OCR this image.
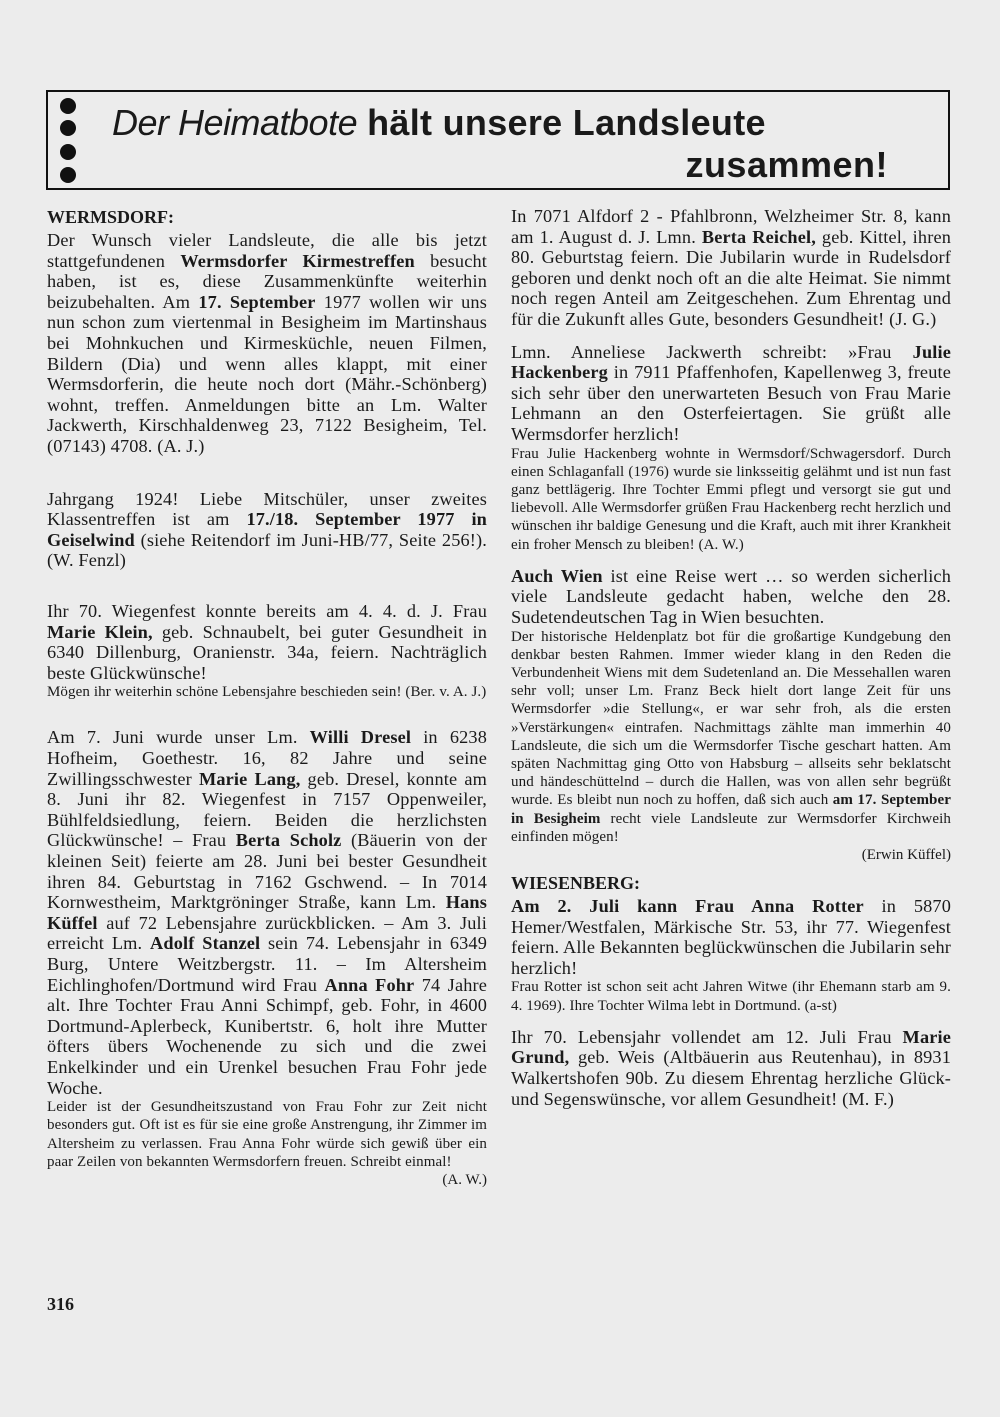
Der Heimatbote hält unsere Landsleute
zusammen!
WERMSDORF:

Der Wunsch vieler Landsleute, die alle bis jetzt stattgefundenen Wermsdorfer Kirmestreffen besucht haben, ist es, diese Zusammenkünfte weiterhin beizubehalten. Am 17. September 1977 wollen wir uns nun schon zum viertenmal in Besigheim im Martinshaus bei Mohnkuchen und Kirmesküchle, neuen Filmen, Bildern (Dia) und wenn alles klappt, mit einer Wermsdorferin, die heute noch dort (Mähr.-Schönberg) wohnt, treffen. Anmeldungen bitte an Lm. Walter Jackwerth, Kirschhaldenweg 23, 7122 Besigheim, Tel. (07143) 4708. (A. J.)

Jahrgang 1924! Liebe Mitschüler, unser zweites Klassentreffen ist am 17./18. September 1977 in Geiselwind (siehe Reitendorf im Juni-HB/77, Seite 256!). (W. Fenzl)

Ihr 70. Wiegenfest konnte bereits am 4. 4. d. J. Frau Marie Klein, geb. Schnaubelt, bei guter Gesundheit in 6340 Dillenburg, Oranienstr. 34a, feiern. Nachträglich beste Glückwünsche!

Mögen ihr weiterhin schöne Lebensjahre beschieden sein! (Ber. v. A. J.)

Am 7. Juni wurde unser Lm. Willi Dresel in 6238 Hofheim, Goethestr. 16, 82 Jahre und seine Zwillingsschwester Marie Lang, geb. Dresel, konnte am 8. Juni ihr 82. Wiegenfest in 7157 Oppenweiler, Bühlfeldsiedlung, feiern. Beiden die herzlichsten Glückwünsche! – Frau Berta Scholz (Bäuerin von der kleinen Seit) feierte am 28. Juni bei bester Gesundheit ihren 84. Geburtstag in 7162 Gschwend. – In 7014 Kornwestheim, Marktgröninger Straße, kann Lm. Hans Küffel auf 72 Lebensjahre zurückblicken. – Am 3. Juli erreicht Lm. Adolf Stanzel sein 74. Lebensjahr in 6349 Burg, Untere Weitzbergstr. 11. – Im Altersheim Eichlinghofen/Dortmund wird Frau Anna Fohr 74 Jahre alt. Ihre Tochter Frau Anni Schimpf, geb. Fohr, in 4600 Dortmund-Aplerbeck, Kunibertstr. 6, holt ihre Mutter öfters übers Wochenende zu sich und die zwei Enkelkinder und ein Urenkel besuchen Frau Fohr jede Woche.

Leider ist der Gesundheitszustand von Frau Fohr zur Zeit nicht besonders gut. Oft ist es für sie eine große Anstrengung, ihr Zimmer im Altersheim zu verlassen. Frau Anna Fohr würde sich gewiß über ein paar Zeilen von bekannten Wermsdorfern freuen. Schreibt einmal!

(A. W.)

In 7071 Alfdorf 2 - Pfahlbronn, Welzheimer Str. 8, kann am 1. August d. J. Lmn. Berta Reichel, geb. Kittel, ihren 80. Geburtstag feiern. Die Jubilarin wurde in Rudelsdorf geboren und denkt noch oft an die alte Heimat. Sie nimmt noch regen Anteil am Zeitgeschehen. Zum Ehrentag und für die Zukunft alles Gute, besonders Gesundheit! (J. G.)

Lmn. Anneliese Jackwerth schreibt: »Frau Julie Hackenberg in 7911 Pfaffenhofen, Kapellenweg 3, freute sich sehr über den unerwarteten Besuch von Frau Marie Lehmann an den Osterfeiertagen. Sie grüßt alle Wermsdorfer herzlich!

Frau Julie Hackenberg wohnte in Wermsdorf/Schwagersdorf. Durch einen Schlaganfall (1976) wurde sie linksseitig gelähmt und ist nun fast ganz bettlägerig. Ihre Tochter Emmi pflegt und versorgt sie gut und liebevoll. Alle Wermsdorfer grüßen Frau Hackenberg recht herzlich und wünschen ihr baldige Genesung und die Kraft, auch mit ihrer Krankheit ein froher Mensch zu bleiben! (A. W.)

Auch Wien ist eine Reise wert … so werden sicherlich viele Landsleute gedacht haben, welche den 28. Sudetendeutschen Tag in Wien besuchten.

Der historische Heldenplatz bot für die großartige Kundgebung den denkbar besten Rahmen. Immer wieder klang in den Reden die Verbundenheit Wiens mit dem Sudetenland an. Die Messehallen waren sehr voll; unser Lm. Franz Beck hielt dort lange Zeit für uns Wermsdorfer »die Stellung«, er war sehr froh, als die ersten »Verstärkungen« eintrafen. Nachmittags zählte man immerhin 40 Landsleute, die sich um die Wermsdorfer Tische geschart hatten. Am späten Nachmittag ging Otto von Habsburg – allseits sehr beklatscht und händeschüttelnd – durch die Hallen, was von allen sehr begrüßt wurde. Es bleibt nun noch zu hoffen, daß sich auch am 17. September in Besigheim recht viele Landsleute zur Wermsdorfer Kirchweih einfinden mögen!

(Erwin Küffel)
WIESENBERG:

Am 2. Juli kann Frau Anna Rotter in 5870 Hemer/Westfalen, Märkische Str. 53, ihr 77. Wiegenfest feiern. Alle Bekannten beglückwünschen die Jubilarin sehr herzlich!

Frau Rotter ist schon seit acht Jahren Witwe (ihr Ehemann starb am 9. 4. 1969). Ihre Tochter Wilma lebt in Dortmund. (a-st)

Ihr 70. Lebensjahr vollendet am 12. Juli Frau Marie Grund, geb. Weis (Altbäuerin aus Reutenhau), in 8931 Walkertshofen 90b. Zu diesem Ehrentag herzliche Glück- und Segenswünsche, vor allem Gesundheit! (M. F.)

316
